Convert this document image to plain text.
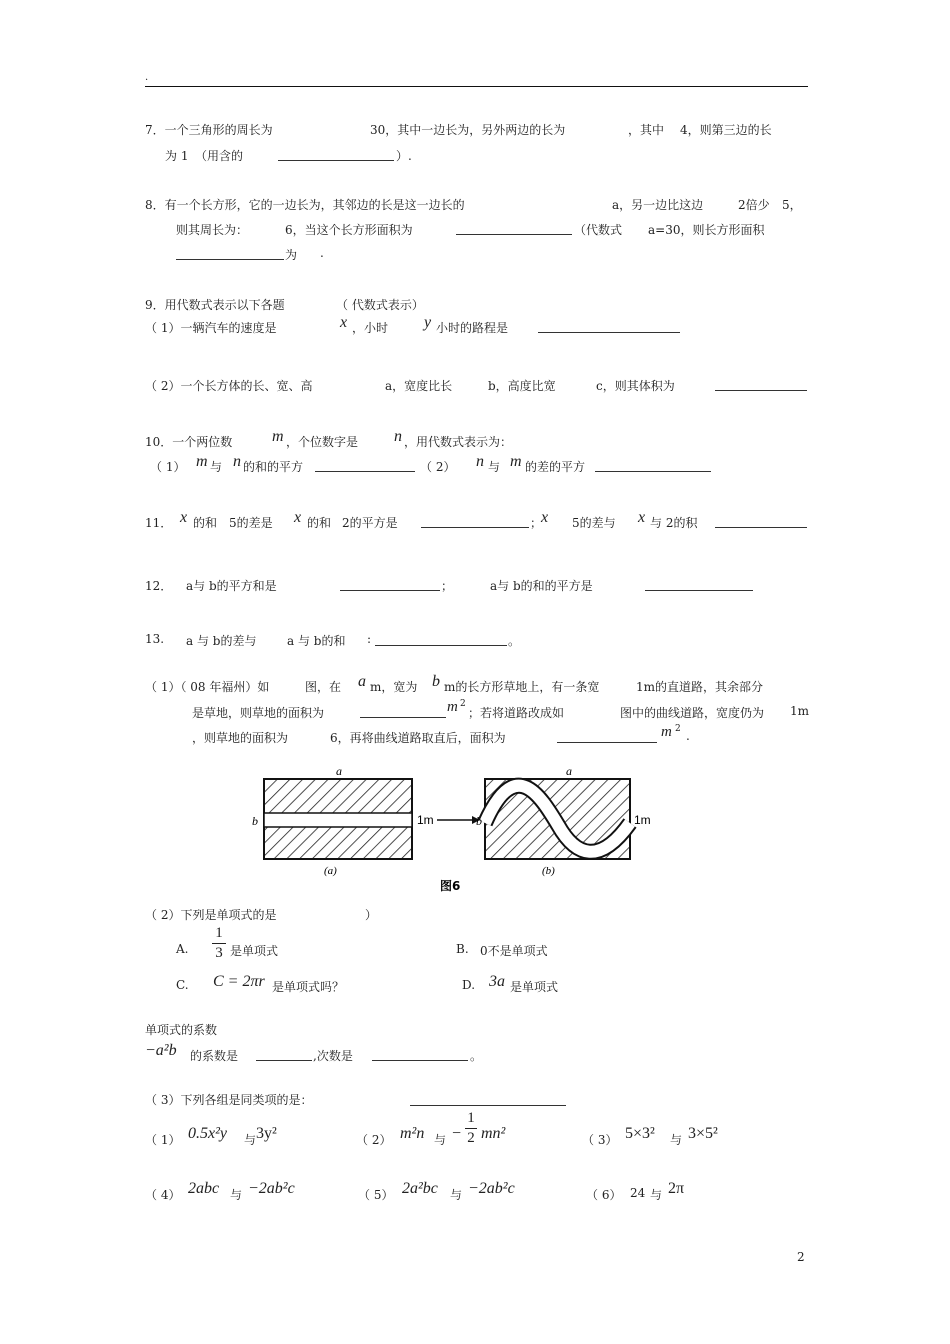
.
7．一个三角形的周长为	30，其中一边长为，另外两边的长为	，其中 4，则第三边的长
为 1 （用含的	）.
8．有一个长方形，它的一边长为，其邻边的长是这一边长的	a，另一边比这边	2倍少 5，
则其周长为：	6，当这个长方形面积为	（代数式 a=30，则长方形面积
为 .
9．用代数式表示以下各题	（ 代数式表示）
（ 1）一辆汽车的速度是	x ，小时 y 小时的路程是
（ 2）一个长方体的长、宽、高	a，宽度比长	b，高度比宽	c，则其体积为
10．一个两位数 m ，个位数字是 n ，用代数式表示为：
（ 1） m 与 n 的和的平方	（ 2） n 与 m 的差的平方
11． x 的和 5的差是 x 的和 2的平方是	；
x 5的差与 x 与 2的积
12． a与 b的平方和是	；	a与 b的和的平方是
13. a 与 b的差与	a 与 b的和 :	。
（ 1）（ 08 年福州）如	图，在 a m，宽为 b m的长方形草地上，有一条宽	1m的直道路，其余部分
是草地，则草地的面积为	m 2
；若将道路改成如	图中的曲线道路，宽度仍为 1m
，则草地的面积为	6，再将曲线道路取直后，面积为	m 2 .
a
b	1m
(a)
a
b	1m
(b)
图6
（ 2）下列是单项式的是	）
A.
1
3 是单项式	B. 0不是单项式
C. C = 2πr 是单项式吗？	D. 3a 是单项式
单项式的系数
−a²b 的系数是	,次数是	。
（ 3）下列各组是同类项的是：
（ 1） 0.5x²y 与 3y²	（ 2） m²n 与 −
1
2 mn²	（ 3） 5×3² 与 3×5²
（ 4） 2abc 与 −2ab²c	（ 5） 2a²bc 与 −2ab²c	（ 6） 24 与 2π
2
